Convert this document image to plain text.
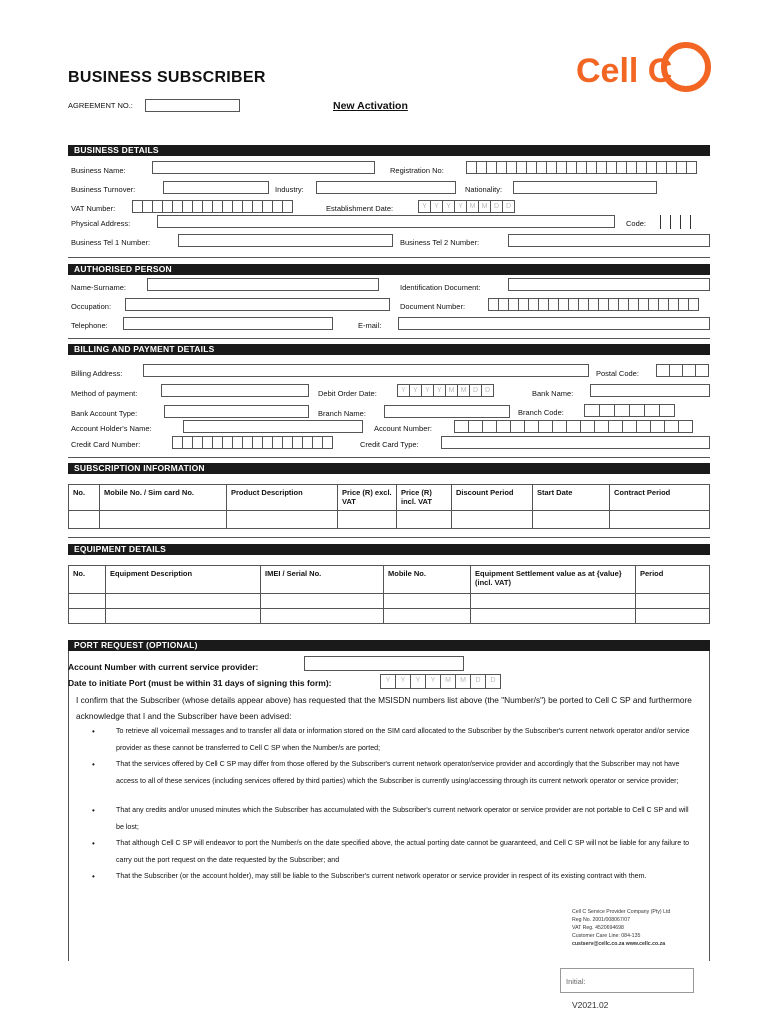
BUSINESS SUBSCRIBER
AGREEMENT NO.:	New Activation
Cell C
BUSINESS DETAILS
Business Name:	Registration No:
Business Turnover:	Industry:	Nationality:
VAT Number:	Establishment Date:	Y	Y	Y	Y M M D D
Physical Address:	Code:
Business Tel 1 Number:	Business Tel 2 Number:
AUTHORISED PERSON
Name-Surname:	Identification Document:
Occupation:	Document Number:
Telephone:	E-mail:
BILLING AND PAYMENT DETAILS
Billing Address:	Postal Code:
Method of payment:	Debit Order Date:	Y	Y	Y	Y M M D D	Bank Name:
Bank Account Type:	Branch Name:	Branch Code:
Account Holder's Name:	Account Number:
Credit Card Number:	Credit Card Type:
SUBSCRIPTION INFORMATION
No.	Mobile No. / Sim card No.	Product Description	Price (R) excl. VAT	Price (R) incl. VAT	Discount Period	Start Date	Contract Period

EQUIPMENT DETAILS
No.	Equipment Description	IMEI / Serial No.	Mobile No.	Equipment Settlement value as at {value} (incl. VAT)	Period

PORT REQUEST (OPTIONAL)
Account Number with current service provider:
Date to initiate Port (must be within 31 days of signing this form):	Y	Y	Y	Y	M	M	D	D
I confirm that the Subscriber (whose details appear above) has requested that the MSISDN numbers list above (the "Number/s") be ported to Cell C SP and furthermore acknowledge that I and the Subscriber have been advised:
•	To retrieve all voicemail messages and to transfer all data or information stored on the SIM card allocated to the Subscriber by the Subscriber's current network operator and/or service provider as these cannot be transferred to Cell C SP when the Number/s are ported;
•	That the services offered by Cell C SP may differ from those offered by the Subscriber's current network operator/service provider and accordingly that the Subscriber may not have access to all of these services (including services offered by third parties) which the Subscriber is currently using/accessing through its current network operator or service provider;
•	That any credits and/or unused minutes which the Subscriber has accumulated with the Subscriber's current network operator or service provider are not portable to Cell C SP and will be lost;
•	That although Cell C SP will endeavor to port the Number/s on the date specified above, the actual porting date cannot be guaranteed, and Cell C SP will not be liable for any failure to carry out the port request on the date requested by the Subscriber; and
•	That the Subscriber (or the account holder), may still be liable to the Subscriber's current network operator or service provider in respect of its existing contract with them.
Cell C Service Provider Company (Pty) Ltd
Reg No. 2001/008067/07
VAT Reg. 4520694698
Customer Care Line: 084-135
custserv@cellc.co.za www.cellc.co.za
Initial:
V2021.02
